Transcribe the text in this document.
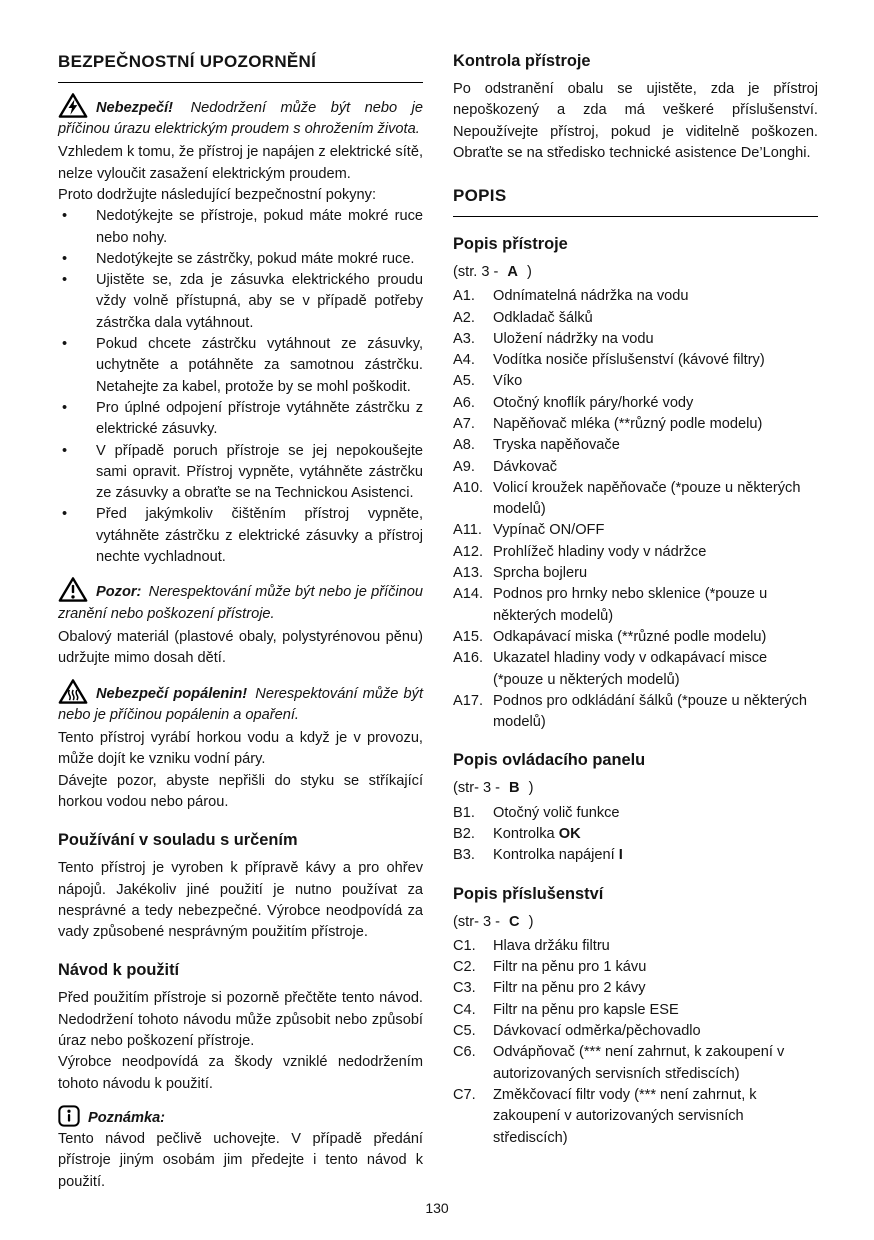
BEZPEČNOSTNÍ UPOZORNĚNÍ

Nebezpečí! Nedodržení může být nebo je příčinou úrazu elektrickým proudem s ohrožením života.

Vzhledem k tomu, že přístroj je napájen z elektrické sítě, nelze vyloučit zasažení elektrickým proudem.

Proto dodržujte následující bezpečnostní pokyny:

•	Nedotýkejte se přístroje, pokud máte mokré ruce nebo nohy.
•	Nedotýkejte se zástrčky, pokud máte mokré ruce.
•	Ujistěte se, zda je zásuvka elektrického proudu vždy volně přístupná, aby se v případě potřeby zástrčka dala vytáhnout.
•	Pokud chcete zástrčku vytáhnout ze zásuvky, uchytněte a potáhněte za samotnou zástrčku. Netahejte za kabel, protože by se mohl poškodit.
•	Pro úplné odpojení přístroje vytáhněte zástrčku z elektrické zásuvky.
•	V případě poruch přístroje se jej nepokoušejte sami opravit. Přístroj vypněte, vytáhněte zástrčku ze zásuvky a obraťte se na Technickou Asistenci.
•	Před jakýmkoliv čištěním přístroj vypněte, vytáhněte zástrčku z elektrické zásuvky a přístroj nechte vychladnout.

Pozor: Nerespektování může být nebo je příčinou zranění nebo poškození přístroje.

Obalový materiál (plastové obaly, polystyrénovou pěnu) udržujte mimo dosah dětí.

Nebezpečí popálenin! Nerespektování může být nebo je příčinou popálenin a opaření.

Tento přístroj vyrábí horkou vodu a když je v provozu, může dojít ke vzniku vodní páry.

Dávejte pozor, abyste nepřišli do styku se stříkající horkou vodou nebo párou.

Používání v souladu s určením

Tento přístroj je vyroben k přípravě kávy a pro ohřev nápojů. Jakékoliv jiné použití je nutno používat za nesprávné a tedy nebezpečné. Výrobce neodpovídá za vady způsobené nesprávným použitím přístroje.

Návod k použití

Před použitím přístroje si pozorně přečtěte tento návod. Nedodržení tohoto návodu může způsobit nebo způsobí úraz nebo poškození přístroje.

Výrobce neodpovídá za škody vzniklé nedodržením tohoto návodu k použití.

Poznámka:

Tento návod pečlivě uchovejte. V případě předání přístroje jiným osobám jim předejte i tento návod k použití.

Kontrola přístroje

Po odstranění obalu se ujistěte, zda je přístroj nepoškozený a zda má veškeré příslušenství. Nepoužívejte přístroj, pokud je viditelně poškozen. Obraťte se na středisko technické asistence De’Longhi.

POPIS
Popis přístroje

(str. 3 - A )

A1.	Odnímatelná nádržka na vodu
A2.	Odkladač šálků
A3.	Uložení nádržky na vodu
A4.	Vodítka nosiče příslušenství (kávové filtry)
A5.	Víko
A6.	Otočný knoflík páry/horké vody
A7.	Napěňovač mléka (**různý podle modelu)
A8.	Tryska napěňovače
A9.	Dávkovač
A10. Volicí kroužek napěňovače (*pouze u některých modelů)
A11. Vypínač ON/OFF
A12. Prohlížeč hladiny vody v nádržce
A13. Sprcha bojleru
A14. Podnos pro hrnky nebo sklenice (*pouze u některých modelů)
A15. Odkapávací miska (**různé podle modelu)
A16. Ukazatel hladiny vody v odkapávací misce (*pouze u některých modelů)
A17. Podnos pro odkládání šálků (*pouze u některých modelů)
Popis ovládacího panelu

(str- 3 - B )

B1.	Otočný volič funkce
B2.	Kontrolka OK
B3.	Kontrolka napájení I
Popis příslušenství

(str- 3 - C )

C1.	Hlava držáku filtru
C2.	Filtr na pěnu pro 1 kávu
C3.	Filtr na pěnu pro 2 kávy
C4.	Filtr na pěnu pro kapsle ESE
C5.	Dávkovací odměrka/pěchovadlo
C6.	Odvápňovač (*** není zahrnut, k zakoupení v autorizovaných servisních střediscích)
C7.	Změkčovací filtr vody (*** není zahrnut, k zakoupení v autorizovaných servisních střediscích)
130
